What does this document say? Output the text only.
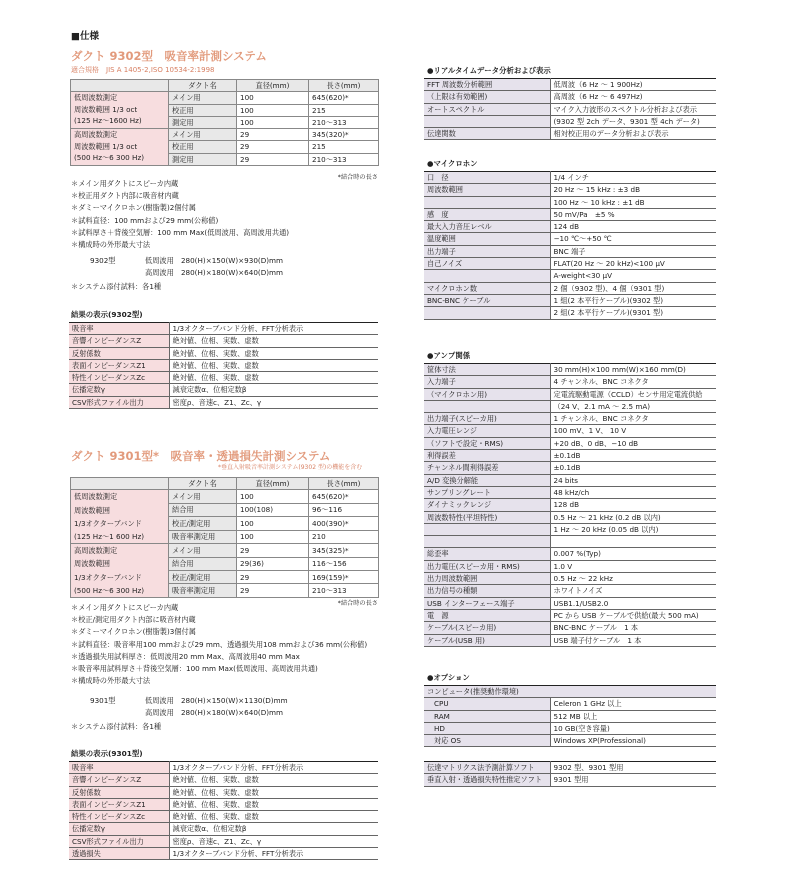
■仕様
ダクト 9302型　吸音率計測システム
適合規格　JIS A 1405-2,ISO 10534-2:1998
	ダクト名	直径(mm)	長さ(mm)

低周波数測定
周波数範囲 1/3 oct
(125 Hz～1600 Hz)	メイン用	100	645(620)*
	校正用	100	215
	測定用	100	210～313

高周波数測定
周波数範囲 1/3 oct
(500 Hz～6 300 Hz)	メイン用	29	345(320)*
	校正用	29	215
	測定用	29	210～313
*結合時の長さ
＊メイン用ダクトにスピーカ内蔵
＊校正用ダクト内部に吸音材内蔵
＊ダミーマイクロホン(樹脂製)2個付属
＊試料直径：100 mmおよび29 mm(公称値)
＊試料厚さ＋背後空気層：100 mm Max(低周波用、高周波用共通)
＊構成時の外形最大寸法
9302型	低周波用　 280(H)×150(W)×930(D)mm
高周波用　 280(H)×180(W)×640(D)mm
＊システム添付試料：各1種
結果の表示(9302型)
吸音率	1/3オクターブバンド分析、FFT分析表示
音響インピーダンスZ	絶対値、位相、実数、虚数
反射係数	絶対値、位相、実数、虚数
表面インピーダンスZ1	絶対値、位相、実数、虚数
特性インピーダンスZc	絶対値、位相、実数、虚数
伝播定数γ	減衰定数α、位相定数β
CSV形式ファイル出力	密度ρ、音速c、Z1、Zc、γ
ダクト 9301型*　吸音率・透過損失計測システム
*垂直入射吸音率計測システム(9302 型)の機能を含む
	ダクト名	直径(mm)	長さ(mm)

低周波数測定
周波数範囲
1/3オクターブバンド
(125 Hz～1 600 Hz)	メイン用	100	645(620)*
	結合用	100(108)	96～116
	校正/測定用	100	400(390)*
	吸音率測定用	100	210

高周波数測定
周波数範囲
1/3オクターブバンド
(500 Hz～6 300 Hz)	メイン用	29	345(325)*
	結合用	29(36)	116～156
	校正/測定用	29	169(159)*
	吸音率測定用	29	210～313
*結合時の長さ
＊メイン用ダクトにスピーカ内蔵
＊校正/測定用ダクト内部に吸音材内蔵
＊ダミーマイクロホン(樹脂製)3個付属
＊試料直径：吸音率用100 mmおよび29 mm、透過損失用108 mmおよび36 mm(公称値)
＊透過損失用試料厚さ：低周波用20 mm Max、高周波用40 mm Max
＊吸音率用試料厚さ＋背後空気層：100 mm Max(低周波用、高周波用共通)
＊構成時の外形最大寸法
9301型	低周波用　 280(H)×150(W)×1130(D)mm
高周波用　 280(H)×180(W)×640(D)mm
＊システム添付試料：各1種
結果の表示(9301型)
吸音率	1/3オクターブバンド分析、FFT分析表示
音響インピーダンスZ	絶対値、位相、実数、虚数
反射係数	絶対値、位相、実数、虚数
表面インピーダンスZ1	絶対値、位相、実数、虚数
特性インピーダンスZc	絶対値、位相、実数、虚数
伝播定数γ	減衰定数α、位相定数β
CSV形式ファイル出力	密度ρ、音速c、Z1、Zc、γ
透過損失	1/3オクターブバンド分析、FFT分析表示
●リアルタイムデータ分析および表示
FFT 周波数分析範囲	低周波（6 Hz ～ 1 900Hz)
（上限は有効範囲)	高周波（6 Hz ～ 6 497Hz)
オートスペクトル	マイク入力波形のスペクトル分析および表示
	(9302 型 2ch データ、9301 型 4ch データ)
伝達関数	相対校正用のデータ分析および表示
●マイクロホン
口　径	1/4 インチ
周波数範囲	20 Hz ～ 15 kHz : ±3 dB
	100 Hz ～ 10 kHz : ±1 dB
感　度	50 mV/Pa　±5 %
最大入力音圧レベル	124 dB
温度範囲	−10 ℃～+50 ℃
出力端子	BNC 端子
自己ノイズ	FLAT(20 Hz ～ 20 kHz)<100 μV
	A-weight<30 μV
マイクロホン数	2 個（9302 型)、4 個（9301 型)
BNC-BNC ケーブル	1 組(2 本平行ケーブル)(9302 型)
	2 組(2 本平行ケーブル)(9301 型)
●アンプ関係
筐体寸法	30 mm(H)×100 mm(W)×160 mm(D)
入力端子	4 チャンネル、BNC コネクタ
（マイクロホン用)	定電流駆動電源（CCLD）センサ用定電流供給
	（24 V、2.1 mA ～ 2.5 mA)
出力端子(スピーカ用)	1 チャンネル、BNC コネクタ
入力電圧レンジ	100 mV、1 V、 10 V
（ソフトで設定・RMS)	+20 dB、0 dB、−10 dB
利得誤差	±0.1dB
チャンネル間利得誤差	±0.1dB
A/D 変換分解能	24 bits
サンプリングレート	48 kHz/ch
ダイナミックレンジ	128 dB
周波数特性(平坦特性)	0.5 Hz ～ 21 kHz (0.2 dB 以内)
	1 Hz ～ 20 kHz (0.05 dB 以内)

総歪率	0.007 %(Typ)
出力電圧(スピーカ用・RMS)	1.0 V
出力周波数範囲	0.5 Hz ～ 22 kHz
出力信号の種類	ホワイトノイズ
USB インターフェース端子	USB1.1/USB2.0
電　源	PC から USB ケーブルで供給(最大 500 mA)
ケーブル(スピーカ用)	BNC-BNC ケーブル　1 本
ケーブル(USB 用)	USB 端子付ケーブル　1 本
●オプション
コンピュータ(推奨動作環境)	
CPU	Celeron 1 GHz 以上
RAM	512 MB 以上
HD	10 GB(空き容量)
対応 OS	Windows XP(Professional)
伝達マトリクス法予測計算ソフト	9302 型、9301 型用
垂直入射・透過損失特性推定ソフト	9301 型用
